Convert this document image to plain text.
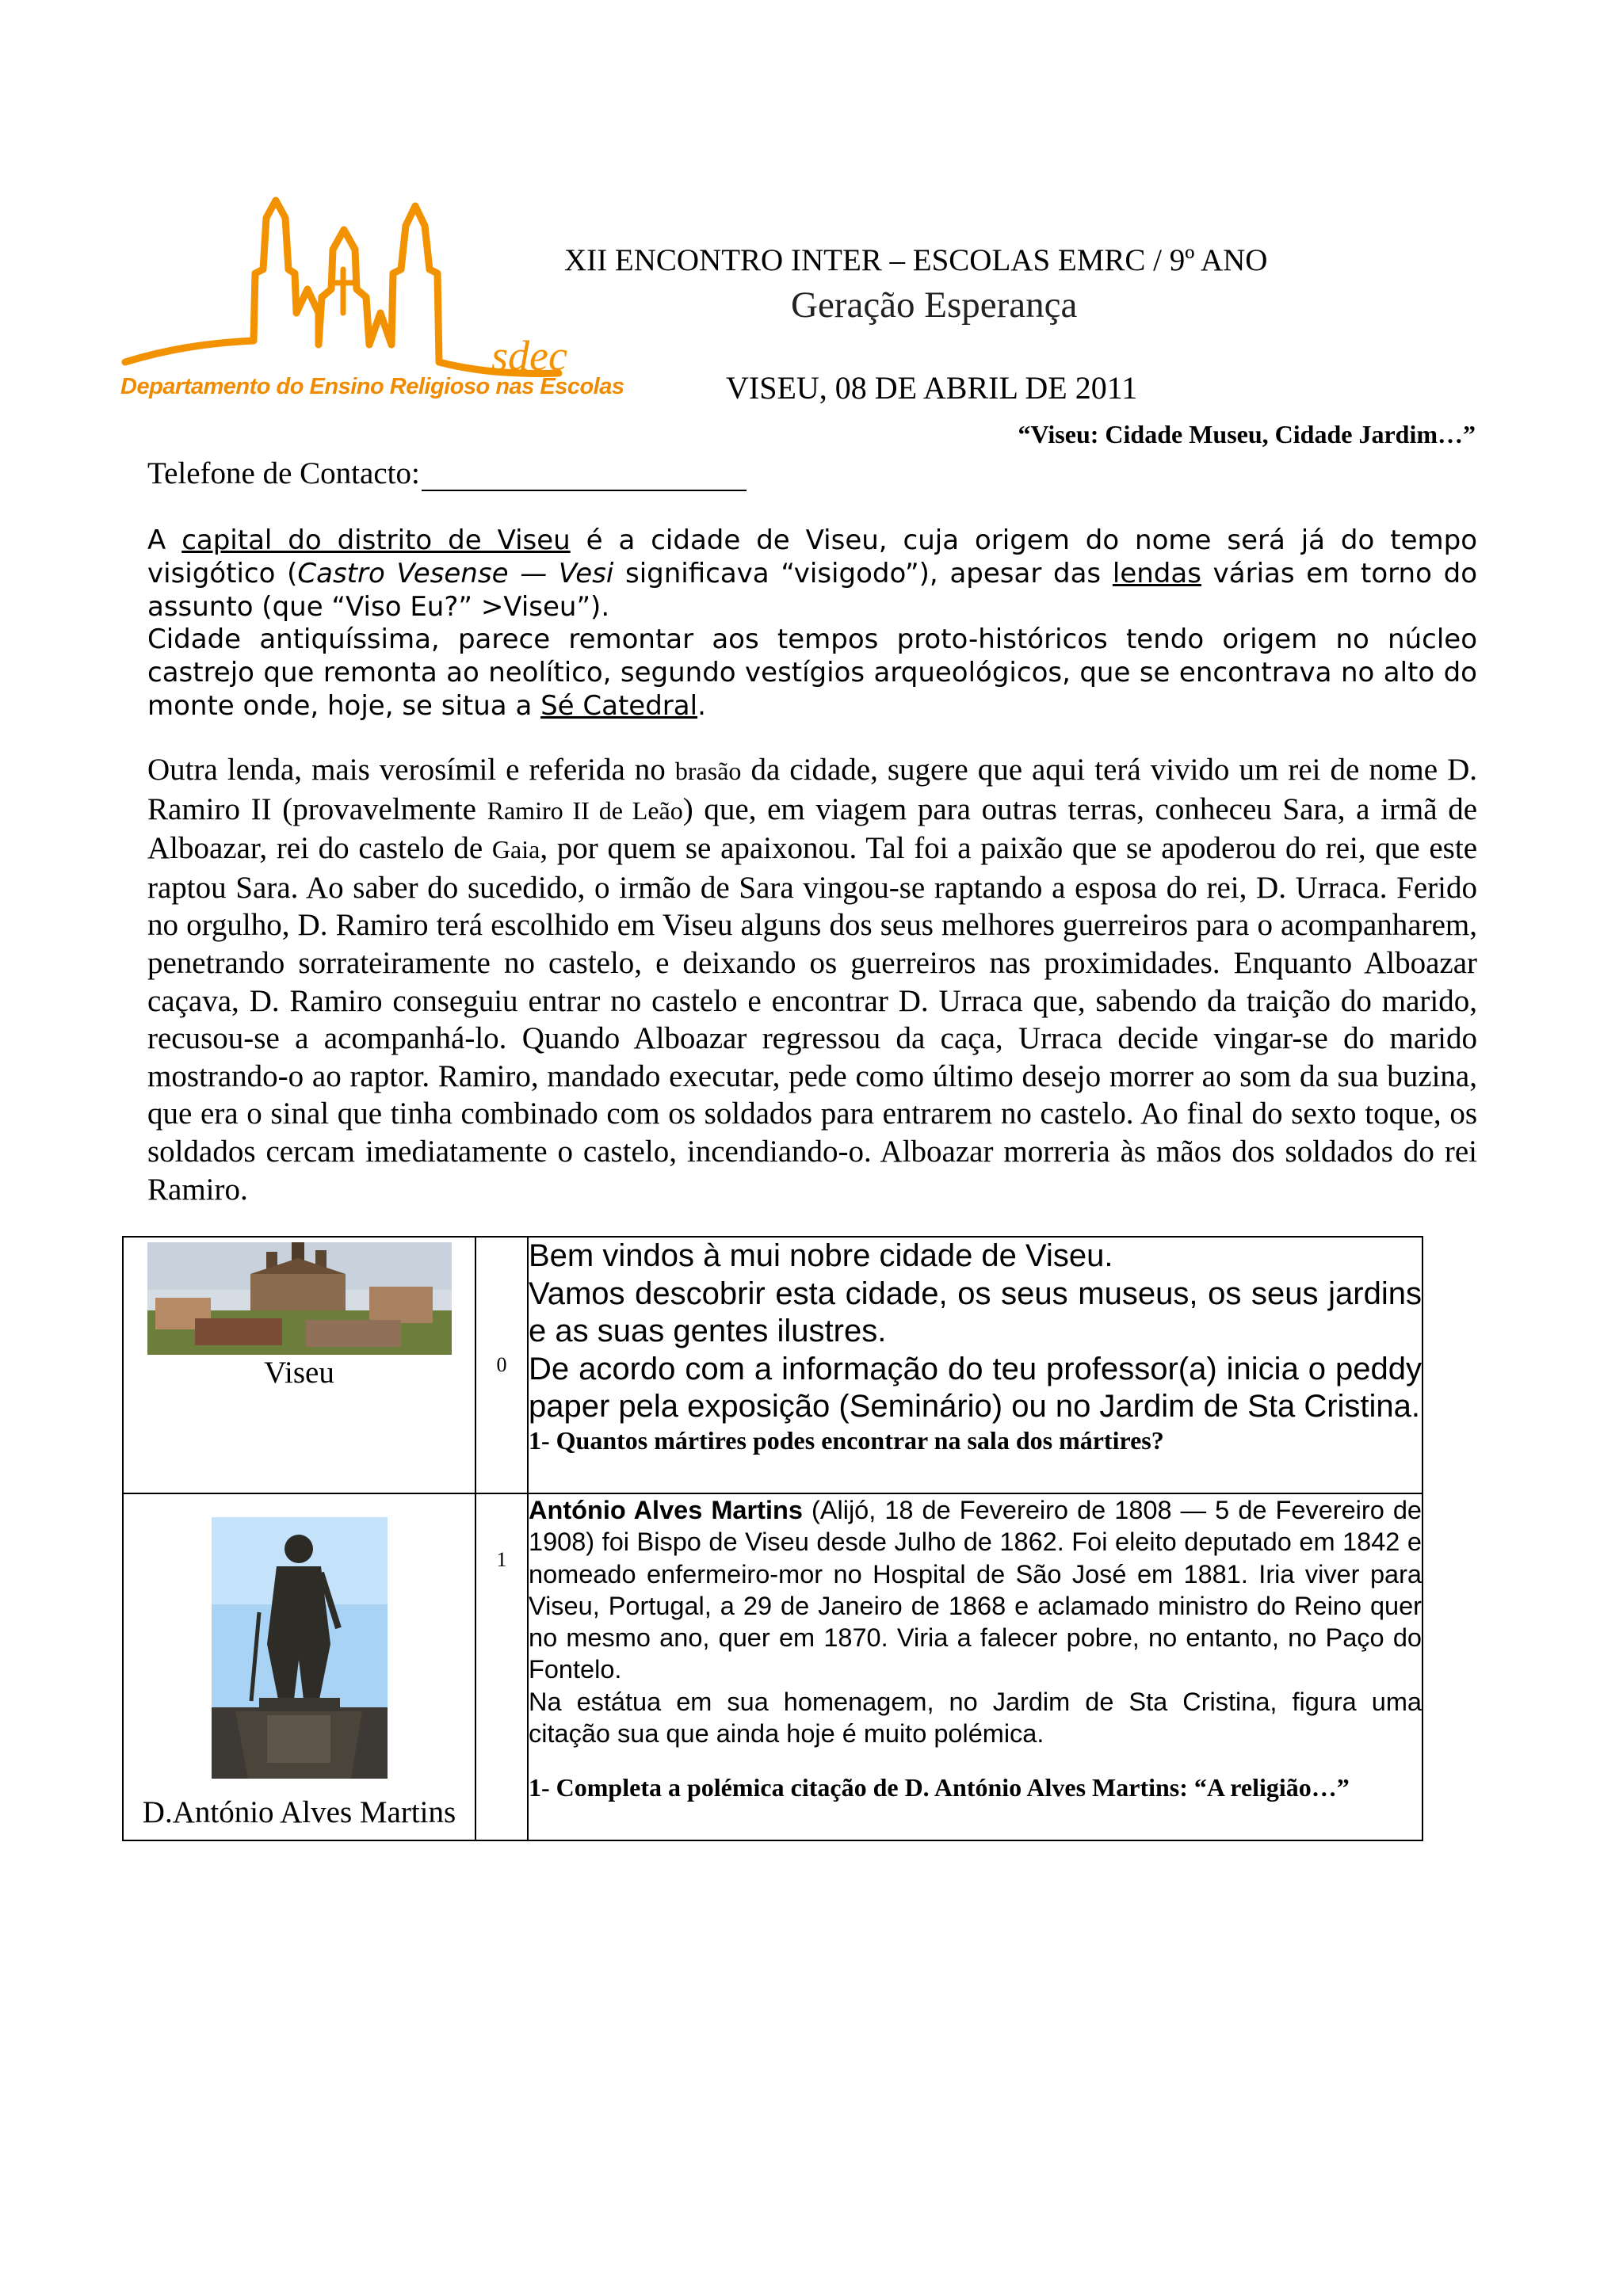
sdec
Departamento do Ensino Religioso nas Escolas
XII ENCONTRO INTER – ESCOLAS EMRC / 9º ANO
Geração Esperança
VISEU, 08 DE ABRIL DE 2011
“Viseu: Cidade Museu, Cidade Jardim…”
Telefone de Contacto:
A capital do distrito de Viseu é a cidade de Viseu, cuja origem do nome será já do tempo visigótico (Castro Vesense — Vesi significava “visigodo”), apesar das lendas várias em torno do assunto (que “Viso Eu?” >Viseu”).
Cidade antiquíssima, parece remontar aos tempos proto-históricos tendo origem no núcleo castrejo que remonta ao neolítico, segundo vestígios arqueológicos, que se encontrava no alto do monte onde, hoje, se situa a Sé Catedral.
Outra lenda, mais verosímil e referida no brasão da cidade, sugere que aqui terá vivido um rei de nome D. Ramiro II (provavelmente Ramiro II de Leão) que, em viagem para outras terras, conheceu Sara, a irmã de Alboazar, rei do castelo de Gaia, por quem se apaixonou. Tal foi a paixão que se apoderou do rei, que este raptou Sara. Ao saber do sucedido, o irmão de Sara vingou-se raptando a esposa do rei, D. Urraca. Ferido no orgulho, D. Ramiro terá escolhido em Viseu alguns dos seus melhores guerreiros para o acompanharem, penetrando sorrateiramente no castelo, e deixando os guerreiros nas proximidades. Enquanto Alboazar caçava, D. Ramiro conseguiu entrar no castelo e encontrar D. Urraca que, sabendo da traição do marido, recusou-se a acompanhá-lo. Quando Alboazar regressou da caça, Urraca decide vingar-se do marido mostrando-o ao raptor. Ramiro, mandado executar, pede como último desejo morrer ao som da sua buzina, que era o sinal que tinha combinado com os soldados para entrarem no castelo. Ao final do sexto toque, os soldados cercam imediatamente o castelo, incendiando-o. Alboazar morreria às mãos dos soldados do rei Ramiro.
Viseu	0	Bem vindos à mui nobre cidade de Viseu.
Vamos descobrir esta cidade, os seus museus, os seus jardins e as suas gentes ilustres.
De acordo com a informação do teu professor(a) inicia o peddy paper pela exposição (Seminário) ou no Jardim de Sta Cristina.
1- Quantos mártires podes encontrar na sala dos mártires?

D.António Alves Martins	1	António Alves Martins (Alijó, 18 de Fevereiro de 1808 — 5 de Fevereiro de 1908) foi Bispo de Viseu desde Julho de 1862. Foi eleito deputado em 1842 e nomeado enfermeiro-mor no Hospital de São José em 1881. Iria viver para Viseu, Portugal, a 29 de Janeiro de 1868 e aclamado ministro do Reino quer no mesmo ano, quer em 1870. Viria a falecer pobre, no entanto, no Paço do Fontelo.
Na estátua em sua homenagem, no Jardim de Sta Cristina, figura uma citação sua que ainda hoje é muito polémica.
1- Completa a polémica citação de D. António Alves Martins: “A religião…”
